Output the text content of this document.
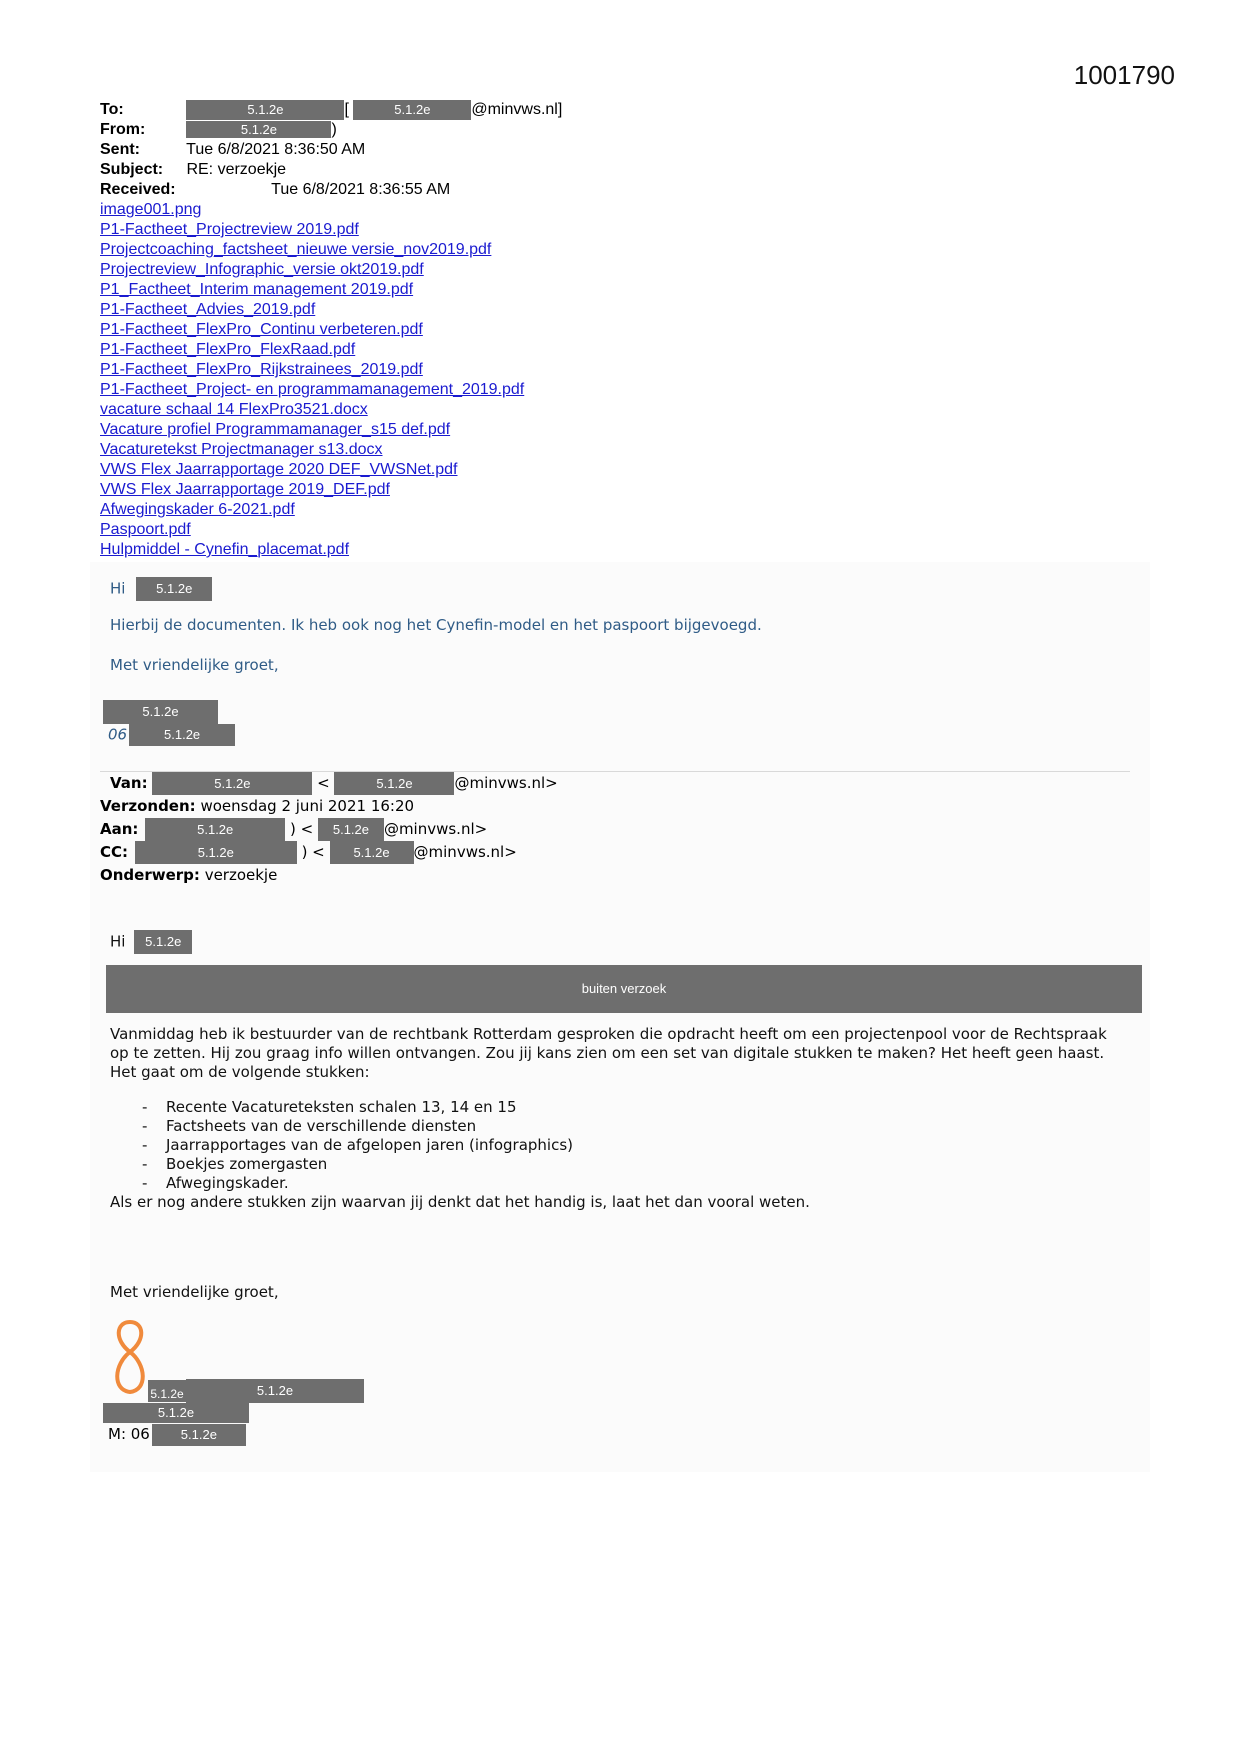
1001790
To:	5.1.2e	[	5.1.2e	@minvws.nl]
From:	5.1.2e	)
Sent:	Tue 6/8/2021 8:36:50 AM
Subject: RE: verzoekje
Received:	Tue 6/8/2021 8:36:55 AM
image001.png
P1-Factheet_Projectreview 2019.pdf
Projectcoaching_factsheet_nieuwe versie_nov2019.pdf
Projectreview_Infographic_versie okt2019.pdf
P1_Factheet_Interim management 2019.pdf
P1-Factheet_Advies_2019.pdf
P1-Factheet_FlexPro_Continu verbeteren.pdf
P1-Factheet_FlexPro_FlexRaad.pdf
P1-Factheet_FlexPro_Rijkstrainees_2019.pdf
P1-Factheet_Project- en programmamanagement_2019.pdf
vacature schaal 14 FlexPro3521.docx
Vacature profiel Programmamanager_s15 def.pdf
Vacaturetekst Projectmanager s13.docx
VWS Flex Jaarrapportage 2020 DEF_VWSNet.pdf
VWS Flex Jaarrapportage 2019_DEF.pdf
Afwegingskader 6-2021.pdf
Paspoort.pdf
Hulpmiddel - Cynefin_placemat.pdf
Hi 5.1.2e
Hierbij de documenten. Ik heb ook nog het Cynefin-model en het paspoort bijgevoegd.
Met vriendelijke groet,
5.1.2e
06	5.1.2e
Van:	5.1.2e	<	5.1.2e	@minvws.nl>
Verzonden: woensdag 2 juni 2021 16:20
Aan:	5.1.2e	) < 5.1.2e @minvws.nl>
CC:	5.1.2e	) < 5.1.2e @minvws.nl>
Onderwerp: verzoekje
Hi 5.1.2e
buiten verzoek
Vanmiddag heb ik bestuurder van de rechtbank Rotterdam gesproken die opdracht heeft om een projectenpool voor de Rechtspraak op te zetten. Hij zou graag info willen ontvangen. Zou jij kans zien om een set van digitale stukken te maken? Het heeft geen haast. Het gaat om de volgende stukken:
- Recente Vacatureteksten schalen 13, 14 en 15
- Factsheets van de verschillende diensten
- Jaarrapportages van de afgelopen jaren (infographics)
- Boekjes zomergasten
- Afwegingskader.
Als er nog andere stukken zijn waarvan jij denkt dat het handig is, laat het dan vooral weten.
Met vriendelijke groet,
5.1.2e	5.1.2e
5.1.2e
M: 06 5.1.2e
